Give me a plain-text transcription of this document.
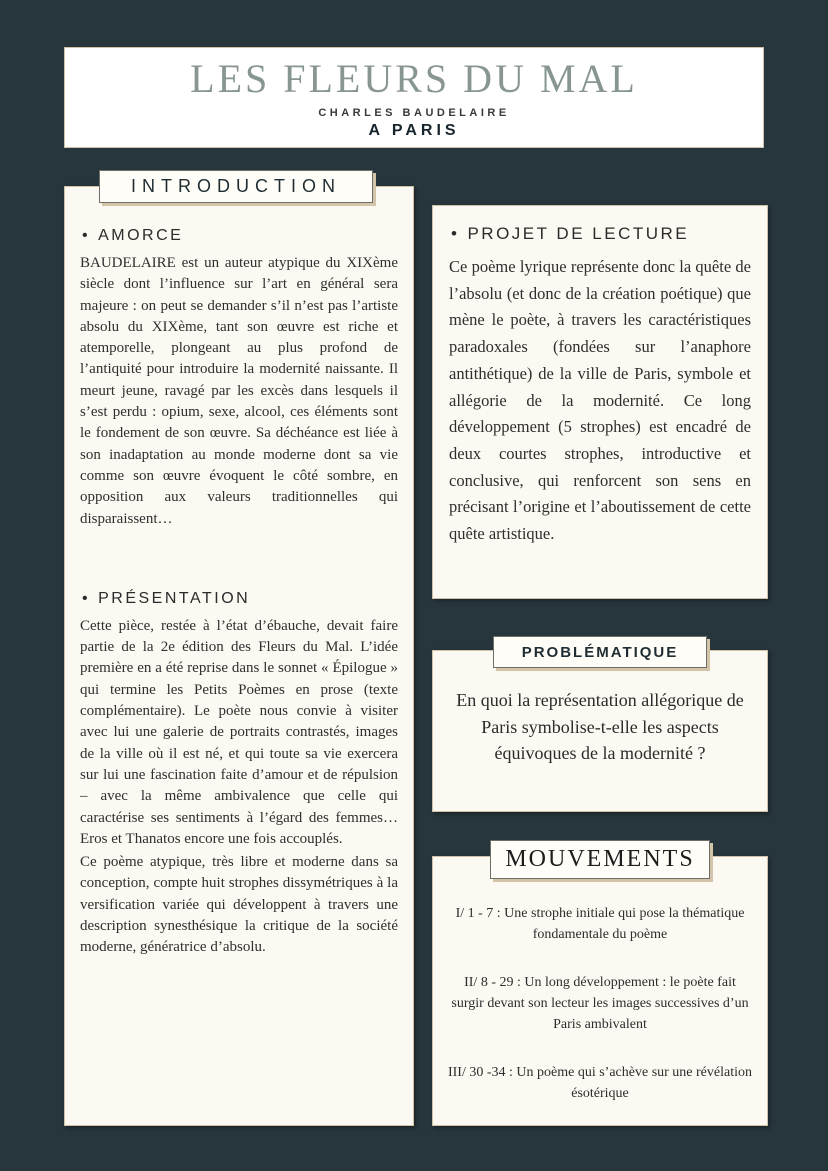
LES FLEURS DU MAL
CHARLES BAUDELAIRE
A PARIS
INTRODUCTION
• AMORCE

BAUDELAIRE est un auteur atypique du XIXème siècle dont l’influence sur l’art en général sera majeure : on peut se demander s’il n’est pas l’artiste absolu du XIXème, tant son œuvre est riche et atemporelle, plongeant au plus profond de l’antiquité pour introduire la modernité naissante. Il meurt jeune, ravagé par les excès dans lesquels il s’est perdu : opium, sexe, alcool, ces éléments sont le fondement de son œuvre. Sa déchéance est liée à son inadaptation au monde moderne dont sa vie comme son œuvre évoquent le côté sombre, en opposition aux valeurs traditionnelles qui disparaissent…

• PRÉSENTATION

Cette pièce, restée à l’état d’ébauche, devait faire partie de la 2e édition des Fleurs du Mal. L’idée première en a été reprise dans le sonnet « Épilogue » qui termine les Petits Poèmes en prose (texte complémentaire). Le poète nous convie à visiter avec lui une galerie de portraits contrastés, images de la ville où il est né, et qui toute sa vie exercera sur lui une fascination faite d’amour et de répulsion – avec la même ambivalence que celle qui caractérise ses sentiments à l’égard des femmes… Eros et Thanatos encore une fois accouplés.

Ce poème atypique, très libre et moderne dans sa conception, compte huit strophes dissymétriques à la versification variée qui développent à travers une description synesthésique la critique de la société moderne, génératrice d’absolu.

• PROJET DE LECTURE

Ce poème lyrique représente donc la quête de l’absolu (et donc de la création poétique) que mène le poète, à travers les caractéristiques paradoxales (fondées sur l’anaphore antithétique) de la ville de Paris, symbole et allégorie de la modernité. Ce long développement (5 strophes) est encadré de deux courtes strophes, introductive et conclusive, qui renforcent son sens en précisant l’origine et l’aboutissement de cette quête artistique.

PROBLÉMATIQUE

En quoi la représentation allégorique de Paris symbolise-t-elle les aspects équivoques de la modernité ?

MOUVEMENTS
I/ 1 - 7 : Une strophe initiale qui pose la thématique fondamentale du poème
II/ 8 - 29 : Un long développement : le poète fait surgir devant son lecteur les images successives d’un Paris ambivalent
III/ 30 -34 : Un poème qui s’achève sur une révélation ésotérique
